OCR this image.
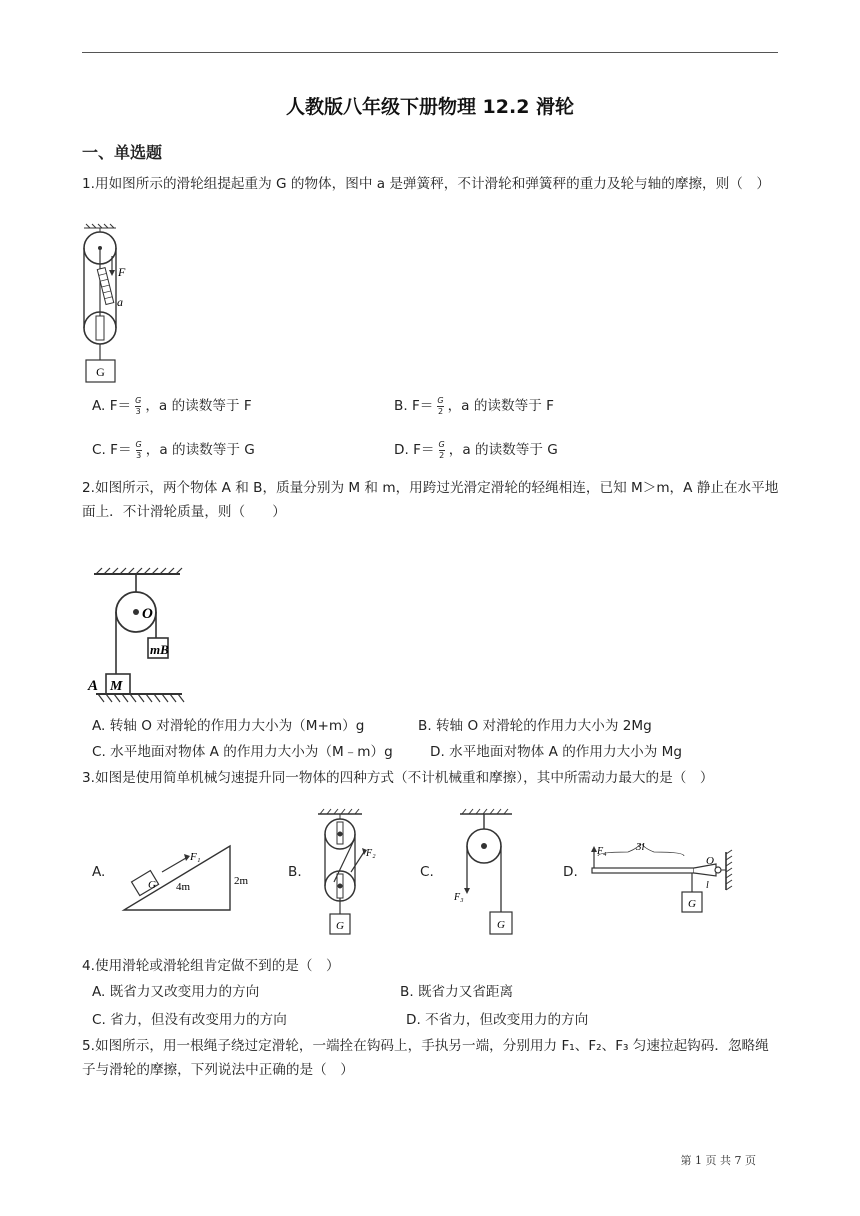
人教版八年级下册物理 12.2 滑轮
一、单选题
1.用如图所示的滑轮组提起重为 G 的物体，图中 a 是弹簧秤，不计滑轮和弹簧秤的重力及轮与轴的摩擦，则（　）
F
a
G
A. $F= \frac{G}{3}$ ，a 的读数等于 F	B. $F= \frac{G}{2}$ ，a 的读数等于 F
C. $F= \frac{G}{3}$ ，a 的读数等于 G	D. $F= \frac{G}{2}$ ，a 的读数等于 G
2.如图所示，两个物体 A 和 B，质量分别为 M 和 m，用跨过光滑定滑轮的轻绳相连，已知 M＞m，A 静止在水平地面上．不计滑轮质量，则（　　）
O
mB
M
A
A. 转轴 O 对滑轮的作用力大小为（M+m）g	B. 转轴 O 对滑轮的作用力大小为 2Mg
C. 水平地面对物体 A 的作用力大小为（M﹣m）g	D. 水平地面对物体 A 的作用力大小为 Mg
3.如图是使用简单机械匀速提升同一物体的四种方式（不计机械重和摩擦），其中所需动力最大的是（　）
A.
G
F₁
4m	2m
B.
F₂
G
C.
F₃
G
D.
F₄	3l
O
l
G
4.使用滑轮或滑轮组肯定做不到的是（　）
A. 既省力又改变用力的方向	B. 既省力又省距离
C. 省力，但没有改变用力的方向	D. 不省力，但改变用力的方向
5.如图所示，用一根绳子绕过定滑轮，一端拴在钩码上，手执另一端，分别用力 F₁、F₂、F₃ 匀速拉起钩码．忽略绳子与滑轮的摩擦，下列说法中正确的是（　）
第 1 页 共 7 页
